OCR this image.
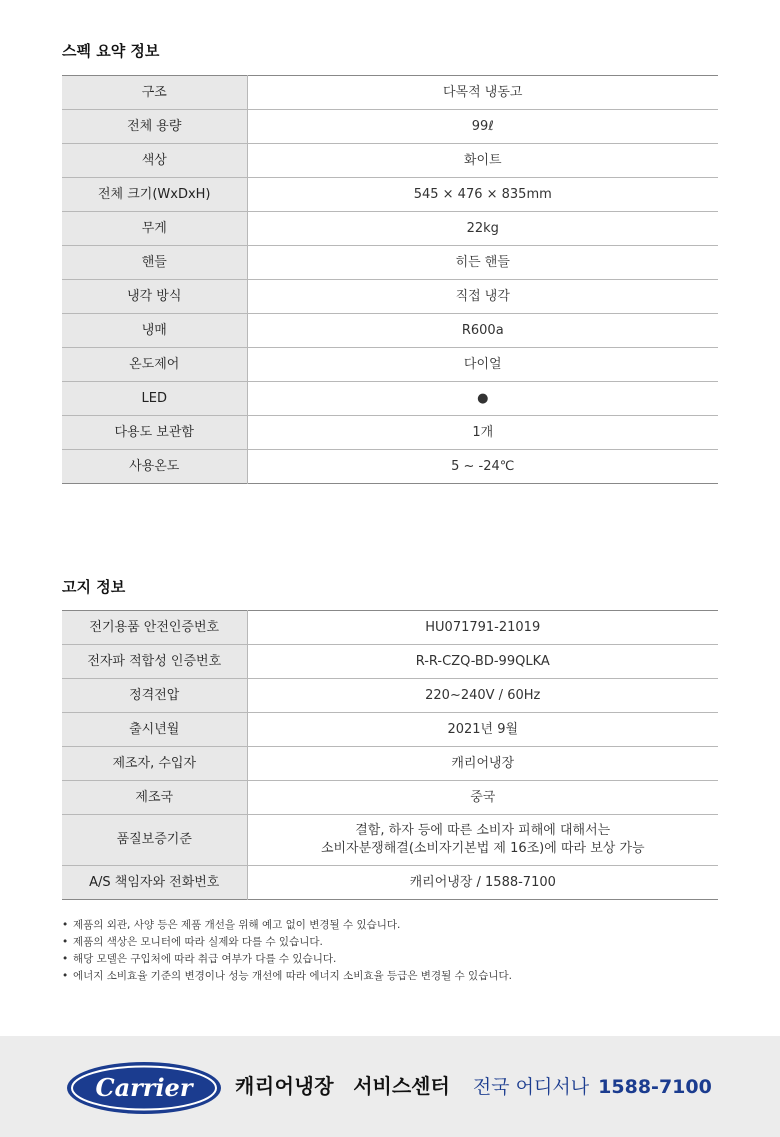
스펙 요약 정보
구조	다목적 냉동고
전체 용량	99ℓ
색상	화이트
전체 크기(WxDxH)	545 × 476 × 835mm
무게	22kg
핸들	히든 핸들
냉각 방식	직접 냉각
냉매	R600a
온도제어	다이얼
LED	●
다용도 보관함	1개
사용온도	5 ~ -24℃
고지 정보
전기용품 안전인증번호	HU071791-21019
전자파 적합성 인증번호	R-R-CZQ-BD-99QLKA
정격전압	220~240V / 60Hz
출시년월	2021년 9월
제조자, 수입자	캐리어냉장
제조국	중국
품질보증기준	결함, 하자 등에 따른 소비자 피해에 대해서는
소비자분쟁해결(소비자기본법 제 16조)에 따라 보상 가능
A/S 책임자와 전화번호	캐리어냉장 / 1588-7100
• 제품의 외관, 사양 등은 제품 개선을 위해 예고 없이 변경될 수 있습니다.
• 제품의 색상은 모니터에 따라 실제와 다를 수 있습니다.
• 해당 모델은 구입처에 따라 취급 여부가 다를 수 있습니다.
• 에너지 소비효율 기준의 변경이나 성능 개선에 따라 에너지 소비효율 등급은 변경될 수 있습니다.
Carrier 캐리어냉장 서비스센터 전국 어디서나 1588-7100
